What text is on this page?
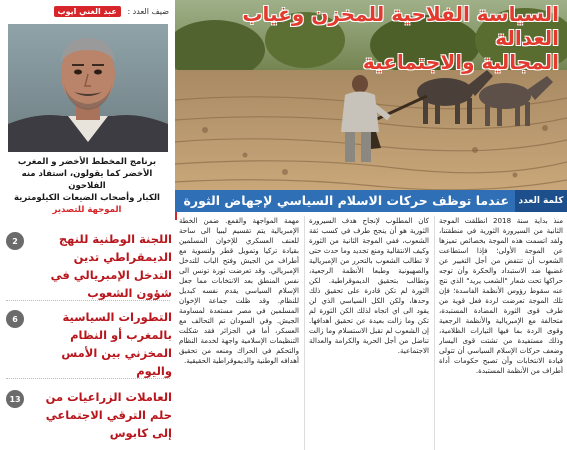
ضيف العدد : عبد الغني ايوب
برنامج المخطط الأخضر و المغرب
الأخضر كما يقولون، استفاد منه الفلاحون
الكبار وأصحاب الضيعات الكيلومترية
الموجهة للتصدير
2	اللجنة الوطنية للنهج الديمقراطي تدين التدخل الإمبريالي في شؤون الشعوب
6	التطورات السياسية بالمغرب أو النظام المخزني بين الأمس واليوم
13	العاملات الزراعيات من حلم الترقي الاجتماعي إلى كابوس
السياسة الفلاحية للمخزن وغياب العدالة
المجالية والاجتماعية
كلمة العدد
عندما توظف حركات الاسلام السياسي لإجهاض الثورة
منذ بداية سنة 2018 انطلقت الموجة الثانية من السيرورة الثورية في منطقتنا، ولقد اتسمت هذه الموجة بخصائص تميزها عن الموجة الأولى؛ فإذا استطاعت الشعوب أن تنتفض من أجل التغيير عن غضبها ضد الاستبداد والحكرة وأن توجه حراكها تحت شعار "الشعب يريد" الذي نتج عنه سقوط رؤوس الأنظمة الفاسدة؛ فإن تلك الموجة تعرضت لردة فعل قوية من طرف قوى الثورة المضادة المستبدة، متحالفة مع الإمبريالية والأنظمة الرجعية وقوى الردة بما فيها التيارات الظلامية، وذلك مستفيدة من تشتت قوى اليسار وضعف حركات الإسلام السياسي أن تتولى قيادة الانتخابات وأن تصبح حكومات أداة أطراف من الأنظمة المستبدة.
كان المطلوب لإنجاح هدف السيرورة الثورية هو أن ينجح طرف في كسب ثقة الشعوب، ففي الموجة الثانية من الثورة وكيف الانتقالية ومنع تجديد وما حدث حتى لا تطالب الشعوب بالتحرر من الإمبريالية والصهيونية وطبعا الأنظمة الرجعية، وتطالب بتحقيق الديموقراطية. لكن الثورة لم تكن قادرة على تحقيق ذلك وحدها، ولكن الكل السياسي الذي لن يقود الى اي اتجاه لذلك الكن الثورة لم تكن وما زالت بعيدة عن تحقيق أهدافها. إن الشعوب لم تقبل الاستسلام وما زالت تناضل من أجل الحرية والكرامة والعدالة الاجتماعية.
مهمة المواجهة والقمع. ضمن الخطة الإمبريالية يتم تقسيم ليبيا الى ساحة للعنف العسكري للإخوان المسلمين بقيادة تركيا وتمويل قطر ولتسوية مع أطراف من الجيش وفتح الباب للتدخل الإمبريالي. وقد تعرضت ثورة تونس الى نفس المنطق بعد الانتخابات مما جعل الإسلام السياسي يقدم نفسه كبديل للنظام. وقد ظلت جماعة الإخوان المسلمين في مصر مستعدة لمساومة الجيش. وفي السودان تم التحالف مع العسكر، أما في الجزائر فقد شكلت التنظيمات الإسلامية واجهة لخدمة النظام والتحكم في الحراك ومنعه من تحقيق أهدافه الوطنية والديموقراطية الحقيقية.
